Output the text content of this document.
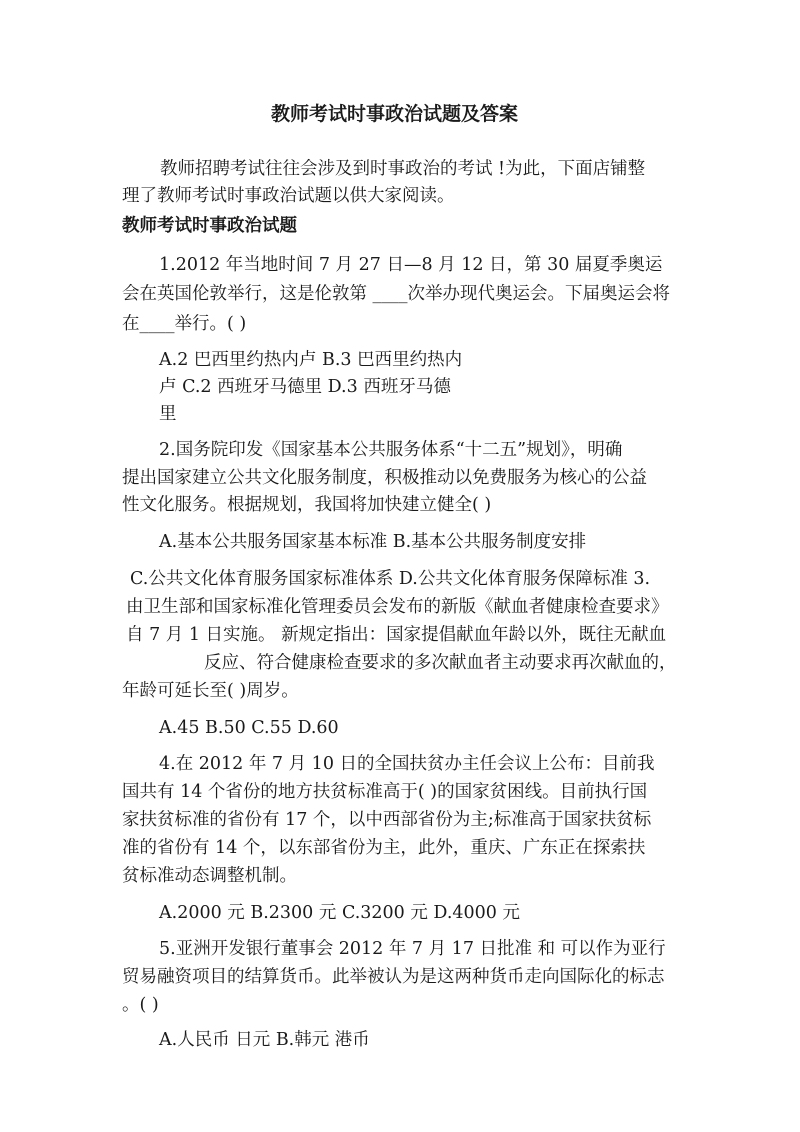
教师考试时事政治试题及答案
教师招聘考试往往会涉及到时事政治的考试 !为此，下面店铺整
理了教师考试时事政治试题以供大家阅读。
教师考试时事政治试题
1.2012 年当地时间 7 月 27 日—8 月 12 日，第 30 届夏季奥运
会在英国伦敦举行，这是伦敦第 ____次举办现代奥运会。下届奥运会将
在____举行。( )
A.2 巴西里约热内卢 B.3 巴西里约热内
卢 C.2 西班牙马德里 D.3 西班牙马德
里
2.国务院印发《国家基本公共服务体系“十二五”规划》，明确
提出国家建立公共文化服务制度，积极推动以免费服务为核心的公益
性文化服务。根据规划，我国将加快建立健全( )
A.基本公共服务国家基本标准 B.基本公共服务制度安排
C.公共文化体育服务国家标准体系 D.公共文化体育服务保障标准 3.
由卫生部和国家标准化管理委员会发布的新版《献血者健康检查要求》
自 7 月 1 日实施。 新规定指出：国家提倡献血年龄以外，既往无献血
反应、符合健康检查要求的多次献血者主动要求再次献血的，
年龄可延长至( )周岁。
A.45 B.50 C.55 D.60
4.在 2012 年 7 月 10 日的全国扶贫办主任会议上公布：目前我
国共有 14 个省份的地方扶贫标准高于( )的国家贫困线。目前执行国
家扶贫标准的省份有 17 个，以中西部省份为主;标准高于国家扶贫标
准的省份有 14 个，以东部省份为主，此外，重庆、广东正在探索扶
贫标准动态调整机制。
A.2000 元 B.2300 元 C.3200 元 D.4000 元
5.亚洲开发银行董事会 2012 年 7 月 17 日批准 和 可以作为亚行
贸易融资项目的结算货币。此举被认为是这两种货币走向国际化的标志
。( )
A.人民币 日元 B.韩元 港币
